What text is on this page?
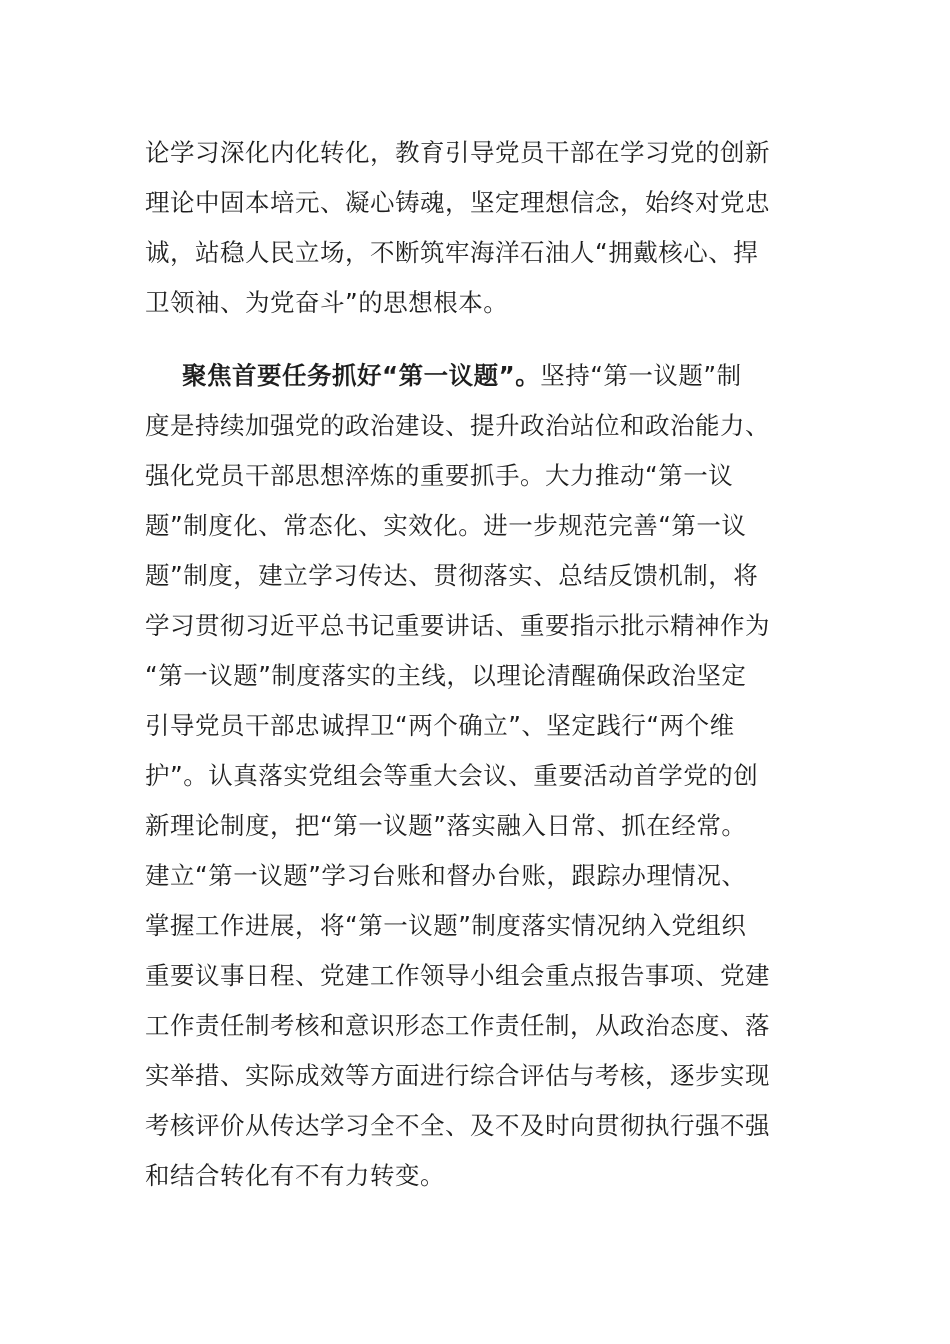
论学习深化内化转化，教育引导党员干部在学习党的创新
理论中固本培元、凝心铸魂，坚定理想信念，始终对党忠
诚，站稳人民立场，不断筑牢海洋石油人“拥戴核心、捍
卫领袖、为党奋斗”的思想根本。
聚焦首要任务抓好“第一议题”。坚持“第一议题”制
度是持续加强党的政治建设、提升政治站位和政治能力、
强化党员干部思想淬炼的重要抓手。大力推动“第一议
题”制度化、常态化、实效化。进一步规范完善“第一议
题”制度，建立学习传达、贯彻落实、总结反馈机制，将
学习贯彻习近平总书记重要讲话、重要指示批示精神作为
“第一议题”制度落实的主线，以理论清醒确保政治坚定
引导党员干部忠诚捍卫“两个确立”、坚定践行“两个维
护”。认真落实党组会等重大会议、重要活动首学党的创
新理论制度，把“第一议题”落实融入日常、抓在经常。
建立“第一议题”学习台账和督办台账，跟踪办理情况、
掌握工作进展，将“第一议题”制度落实情况纳入党组织
重要议事日程、党建工作领导小组会重点报告事项、党建
工作责任制考核和意识形态工作责任制，从政治态度、落
实举措、实际成效等方面进行综合评估与考核，逐步实现
考核评价从传达学习全不全、及不及时向贯彻执行强不强
和结合转化有不有力转变。
